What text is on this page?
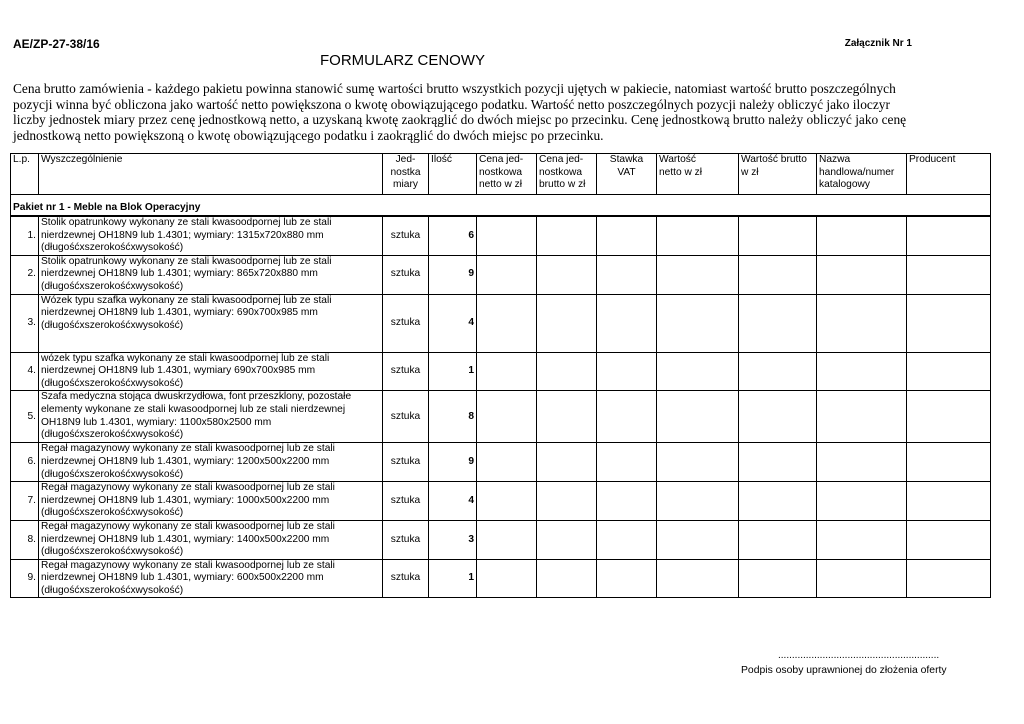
AE/ZP-27-38/16	Załącznik Nr 1
FORMULARZ CENOWY

Cena brutto zamówienia - każdego pakietu powinna stanowić sumę wartości brutto wszystkich pozycji ujętych w pakiecie, natomiast wartość brutto poszczególnych pozycji winna być obliczona jako wartość netto powiększona o kwotę obowiązującego podatku. Wartość netto poszczególnych pozycji należy obliczyć jako iloczyr liczby jednostek miary przez cenę jednostkową netto, a uzyskaną kwotę zaokrąglić do dwóch miejsc po przecinku. Cenę jednostkową brutto należy obliczyć jako cenę jednostkową netto powiększoną o kwotę obowiązującego podatku i zaokrąglić do dwóch miejsc po przecinku.

L.p.	Wyszczególnienie	Jed-
nostka
miary	Ilość	Cena jed-
nostkowa
netto w zł	Cena jed-
nostkowa
brutto w zł	Stawka
VAT	Wartość
netto w zł	Wartość brutto
w zł	Nazwa
handlowa/numer
katalogowy	Producent
Pakiet nr 1 - Meble na Blok Operacyjny										
1.	Stolik opatrunkowy wykonany ze stali kwasoodpornej lub ze stali
nierdzewnej OH18N9 lub 1.4301; wymiary: 1315x720x880 mm
(długośćxszerokośćxwysokość)	sztuka	6							
2.	Stolik opatrunkowy wykonany ze stali kwasoodpornej lub ze stali
nierdzewnej OH18N9 lub 1.4301; wymiary: 865x720x880 mm
(długośćxszerokośćxwysokość)	sztuka	9							
3.	Wózek typu szafka wykonany ze stali kwasoodpornej lub ze stali
nierdzewnej OH18N9 lub 1.4301, wymiary: 690x700x985 mm
(długośćxszerokośćxwysokość)	sztuka	4							
4.	wózek typu szafka wykonany ze stali kwasoodpornej lub ze stali
nierdzewnej OH18N9 lub 1.4301, wymiary 690x700x985 mm
(długośćxszerokośćxwysokość)	sztuka	1							
5.	Szafa medyczna stojąca dwuskrzydłowa, font przeszklony, pozostałe
elementy wykonane ze stali kwasoodpornej lub ze stali nierdzewnej
OH18N9 lub 1.4301, wymiary: 1100x580x2500 mm
(długośćxszerokośćxwysokość)	sztuka	8							
6.	Regał magazynowy wykonany ze stali kwasoodpornej lub ze stali
nierdzewnej OH18N9 lub 1.4301, wymiary: 1200x500x2200 mm
(długośćxszerokośćxwysokość)	sztuka	9							
7.	Regał magazynowy wykonany ze stali kwasoodpornej lub ze stali
nierdzewnej OH18N9 lub 1.4301, wymiary: 1000x500x2200 mm
(długośćxszerokośćxwysokość)	sztuka	4							
8.	Regał magazynowy wykonany ze stali kwasoodpornej lub ze stali
nierdzewnej OH18N9 lub 1.4301, wymiary: 1400x500x2200 mm
(długośćxszerokośćxwysokość)	sztuka	3							
9.	Regał magazynowy wykonany ze stali kwasoodpornej lub ze stali
nierdzewnej OH18N9 lub 1.4301, wymiary: 600x500x2200 mm
(długośćxszerokośćxwysokość)	sztuka	1							
..........................................................
Podpis osoby uprawnionej do złożenia oferty
